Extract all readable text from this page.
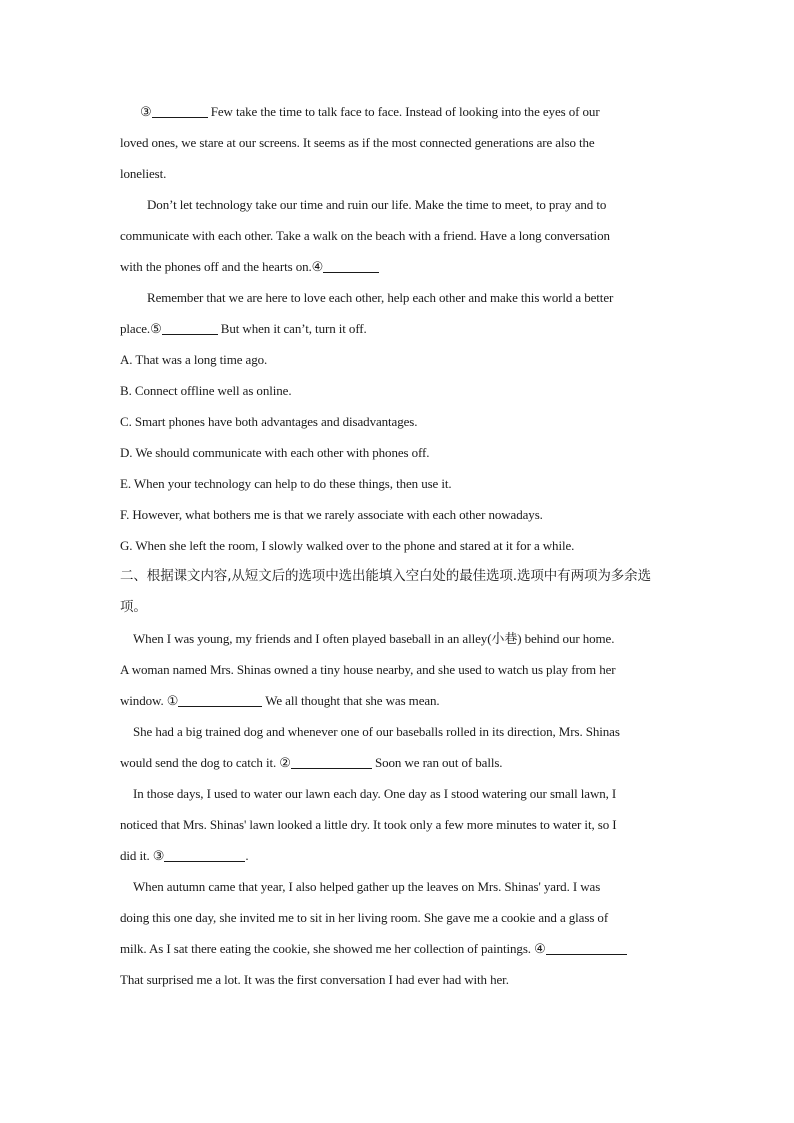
③	Few take the time to talk face to face. Instead of looking into the eyes of our
loved ones, we stare at our screens. It seems as if the most connected generations are also the
loneliest.
Don’t let technology take our time and ruin our life. Make the time to meet, to pray and to
communicate with each other. Take a walk on the beach with a friend. Have a long conversation
with the phones off and the hearts on.④
Remember that we are here to love each other, help each other and make this world a better
place.⑤	But when it can’t, turn it off.
A. That was a long time ago.
B. Connect offline well as online.
C. Smart phones have both advantages and disadvantages.
D. We should communicate with each other with phones off.
E. When your technology can help to do these things, then use it.
F. However, what bothers me is that we rarely associate with each other nowadays.
G. When she left the room, I slowly walked over to the phone and stared at it for a while.
二、根据课文内容,从短文后的选项中选出能填入空白处的最佳选项.选项中有两项为多余选
项。
When I was young, my friends and I often played baseball in an alley(小巷) behind our home.
A woman named Mrs. Shinas owned a tiny house nearby, and she used to watch us play from her
window. ①	We all thought that she was mean.
She had a big trained dog and whenever one of our baseballs rolled in its direction, Mrs. Shinas
would send the dog to catch it. ②	Soon we ran out of balls.
In those days, I used to water our lawn each day. One day as I stood watering our small lawn, I
noticed that Mrs. Shinas' lawn looked a little dry. It took only a few more minutes to water it, so I
did it. ③	.
When autumn came that year, I also helped gather up the leaves on Mrs. Shinas' yard. I was
doing this one day, she invited me to sit in her living room. She gave me a cookie and a glass of
milk. As I sat there eating the cookie, she showed me her collection of paintings. ④
That surprised me a lot. It was the first conversation I had ever had with her.
